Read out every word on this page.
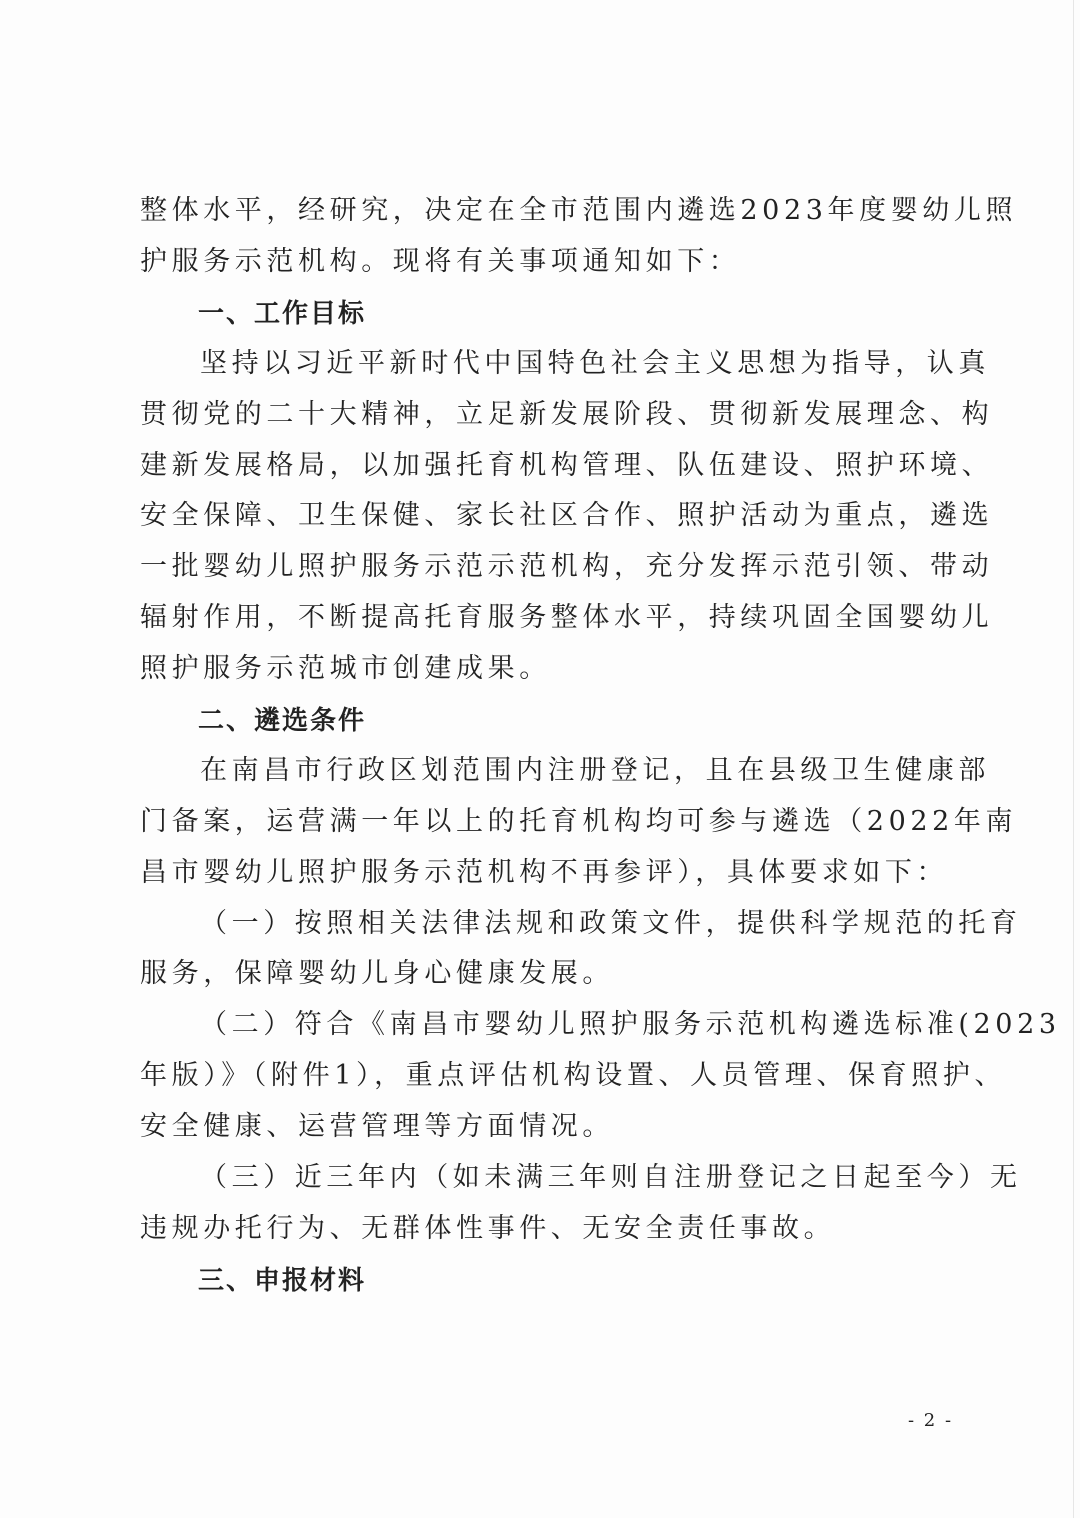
整体水平，经研究，决定在全市范围内遴选2023年度婴幼儿照
护服务示范机构。现将有关事项通知如下：
一、工作目标
坚持以习近平新时代中国特色社会主义思想为指导，认真
贯彻党的二十大精神，立足新发展阶段、贯彻新发展理念、构
建新发展格局，以加强托育机构管理、队伍建设、照护环境、
安全保障、卫生保健、家长社区合作、照护活动为重点，遴选
一批婴幼儿照护服务示范示范机构，充分发挥示范引领、带动
辐射作用，不断提高托育服务整体水平，持续巩固全国婴幼儿
照护服务示范城市创建成果。
二、遴选条件
在南昌市行政区划范围内注册登记，且在县级卫生健康部
门备案，运营满一年以上的托育机构均可参与遴选（2022年南
昌市婴幼儿照护服务示范机构不再参评），具体要求如下：
（一）按照相关法律法规和政策文件，提供科学规范的托育
服务，保障婴幼儿身心健康发展。
（二）符合《南昌市婴幼儿照护服务示范机构遴选标准(2023
年版）》（附件1），重点评估机构设置、人员管理、保育照护、
安全健康、运营管理等方面情况。
（三）近三年内（如未满三年则自注册登记之日起至今）无
违规办托行为、无群体性事件、无安全责任事故。
三、申报材料
- 2 -
